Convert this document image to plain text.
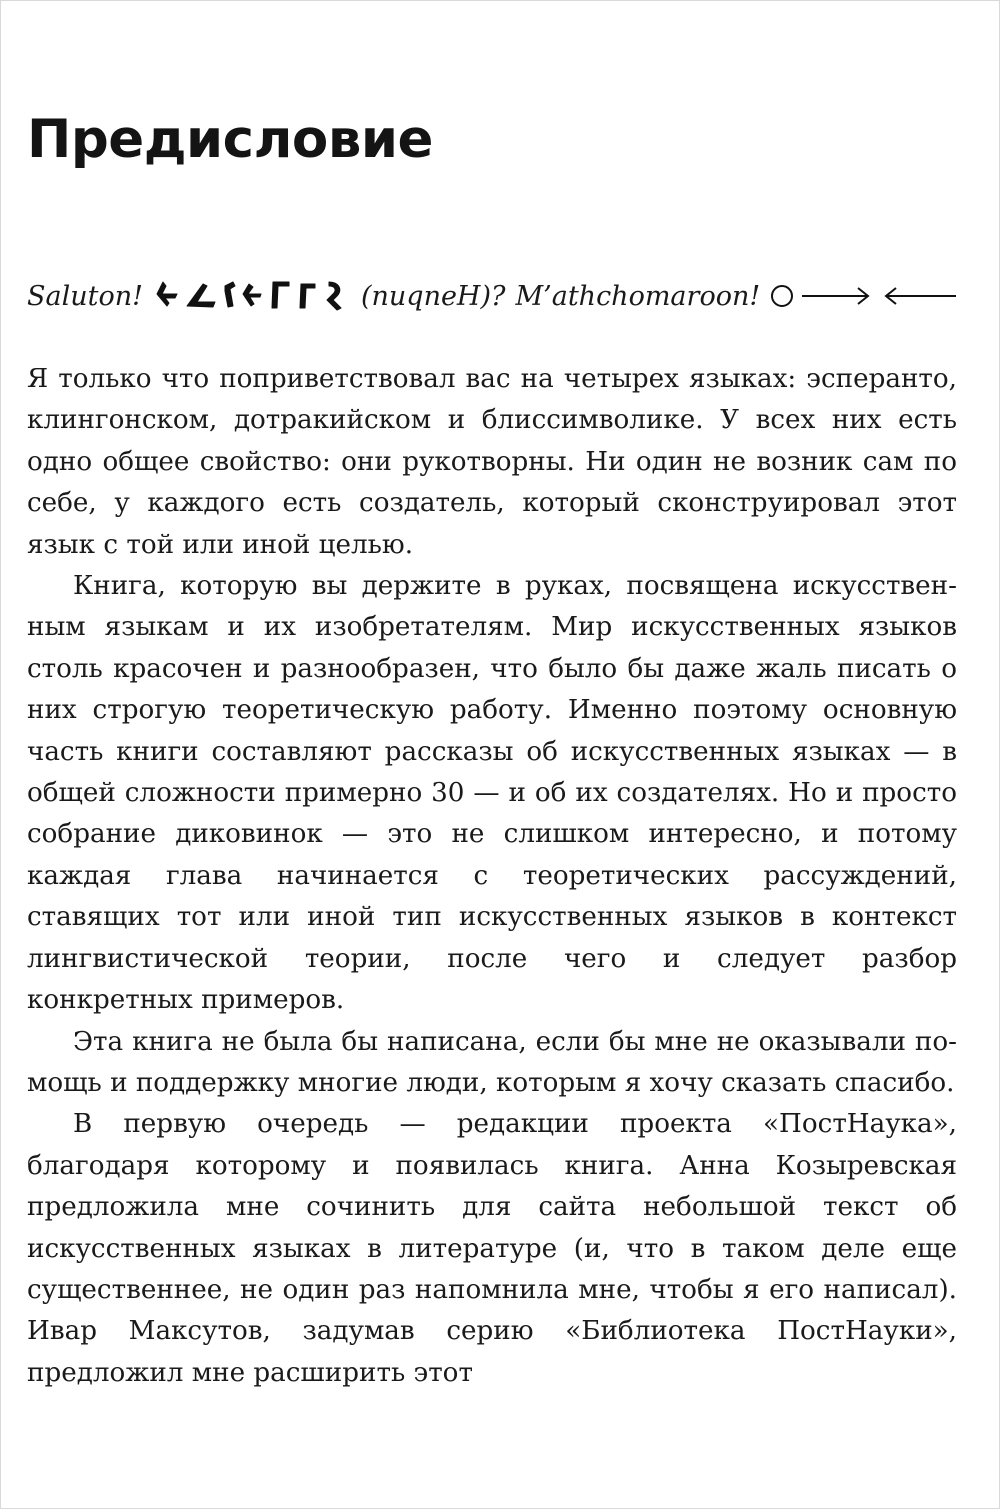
Предисловие
Saluton!	(nuqneH)? M’athchomaroon!

Я только что поприветствовал вас на четырех языках: эсперанто, клингонском, дотракийском и блиссимволике. У всех них есть одно общее свойство: они рукотворны. Ни один не возник сам по себе, у каждого есть создатель, который сконструировал этот язык с той или иной целью.

Книга, которую вы держите в руках, посвящена искусственным языкам и их изобретателям. Мир искусственных языков столь красочен и разнообразен, что было бы даже жаль писать о них строгую теоретическую работу. Именно поэтому основную часть книги составляют рассказы об искусственных языках — в общей сложности примерно 30 — и об их создателях. Но и просто собрание диковинок — это не слишком интересно, и потому каждая глава начинается с теоретических рассуждений, ставящих тот или иной тип искусственных языков в контекст лингвистической теории, после чего и следует разбор конкретных примеров.

Эта книга не была бы написана, если бы мне не оказывали помощь и поддержку многие люди, которым я хочу сказать спасибо.

В первую очередь — редакции проекта «ПостНаука», благодаря которому и появилась книга. Анна Козыревская предложила мне сочинить для сайта небольшой текст об искусственных языках в литературе (и, что в таком деле еще существеннее, не один раз напомнила мне, чтобы я его написал). Ивар Максутов, задумав серию «Библиотека ПостНауки», предложил мне расширить этот
